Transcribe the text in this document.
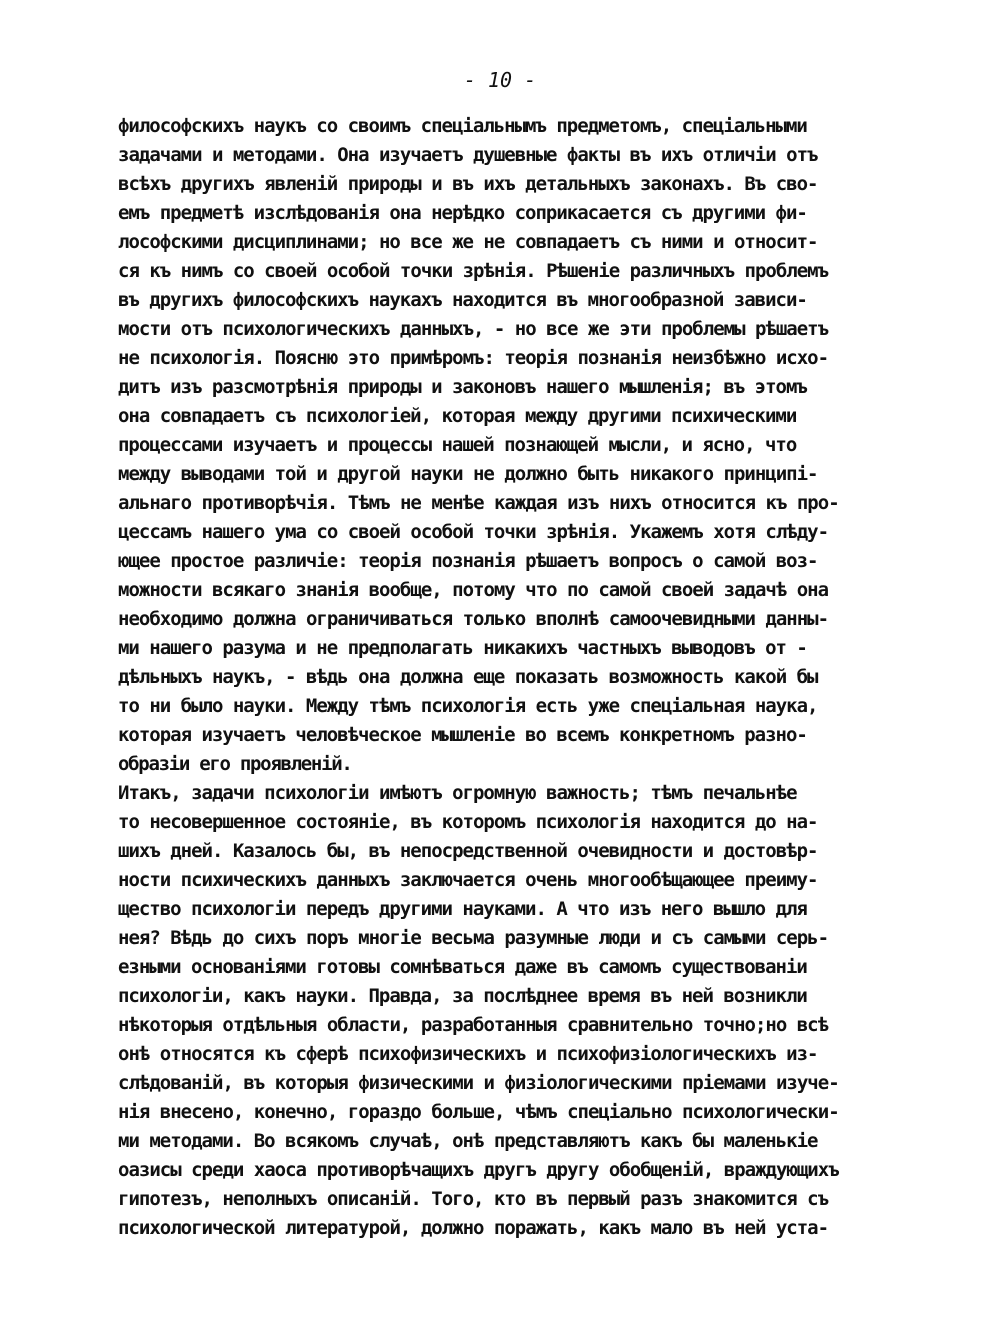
- 10 -
философскихъ наукъ со своимъ спеціальнымъ предметомъ, спеціальными
задачами и методами. Она изучаетъ душевные факты въ ихъ отличіи отъ
всѣхъ другихъ явленій природы и въ ихъ детальныхъ законахъ. Въ сво-
емъ предметѣ изслѣдованія она нерѣдко соприкасается съ другими фи-
лософскими дисциплинами; но все же не совпадаетъ съ ними и относит-
ся къ нимъ со своей особой точки зрѣнія. Рѣшеніе различныхъ проблемъ
въ другихъ философскихъ наукахъ находится въ многообразной зависи-
мости отъ психологическихъ данныхъ, - но все же эти проблемы рѣшаетъ
не психологія. Поясню это примѣромъ: теорія познанія неизбѣжно исхо-
дитъ изъ разсмотрѣнія природы и законовъ нашего мышленія; въ этомъ
она совпадаетъ съ психологіей, которая между другими психическими
процессами изучаетъ и процессы нашей познающей мысли, и ясно, что
между выводами той и другой науки не должно быть никакого принципі-
альнаго противорѣчія. Тѣмъ не менѣе каждая изъ нихъ относится къ про-
цессамъ нашего ума со своей особой точки зрѣнія. Укажемъ хотя слѣду-
ющее простое различіе: теорія познанія рѣшаетъ вопросъ о самой воз-
можности всякаго знанія вообще, потому что по самой своей задачѣ она
необходимо должна ограничиваться только вполнѣ самоочевидными данны-
ми нашего разума и не предполагать никакихъ частныхъ выводовъ от -
дѣльныхъ наукъ, - вѣдь она должна еще показать возможность какой бы
то ни было науки. Между тѣмъ психологія есть уже спеціальная наука,
которая изучаетъ человѣческое мышленіе во всемъ конкретномъ разно-
образіи его проявленій.
Итакъ, задачи психологіи имѣютъ огромную важность; тѣмъ печальнѣе
то несовершенное состояніе, въ которомъ психологія находится до на-
шихъ дней. Казалось бы, въ непосредственной очевидности и достовѣр-
ности психическихъ данныхъ заключается очень многообѣщающее преиму-
щество психологіи передъ другими науками. А что изъ него вышло для
нея? Вѣдь до сихъ поръ многіе весьма разумные люди и съ самыми серь-
езными основаніями готовы сомнѣваться даже въ самомъ существованіи
психологіи, какъ науки. Правда, за послѣднее время въ ней возникли
нѣкоторыя отдѣльныя области, разработанныя сравнительно точно;но всѣ
онѣ относятся къ сферѣ психофизическихъ и психофизіологическихъ из-
слѣдованій, въ которыя физическими и физіологическими пріемами изуче-
нія внесено, конечно, гораздо больше, чѣмъ спеціально психологически-
ми методами. Во всякомъ случаѣ, онѣ представляютъ какъ бы маленькіе
оазисы среди хаоса противорѣчащихъ другъ другу обобщеній, враждующихъ
гипотезъ, неполныхъ описаній. Того, кто въ первый разъ знакомится съ
психологической литературой, должно поражать, какъ мало въ ней уста-
